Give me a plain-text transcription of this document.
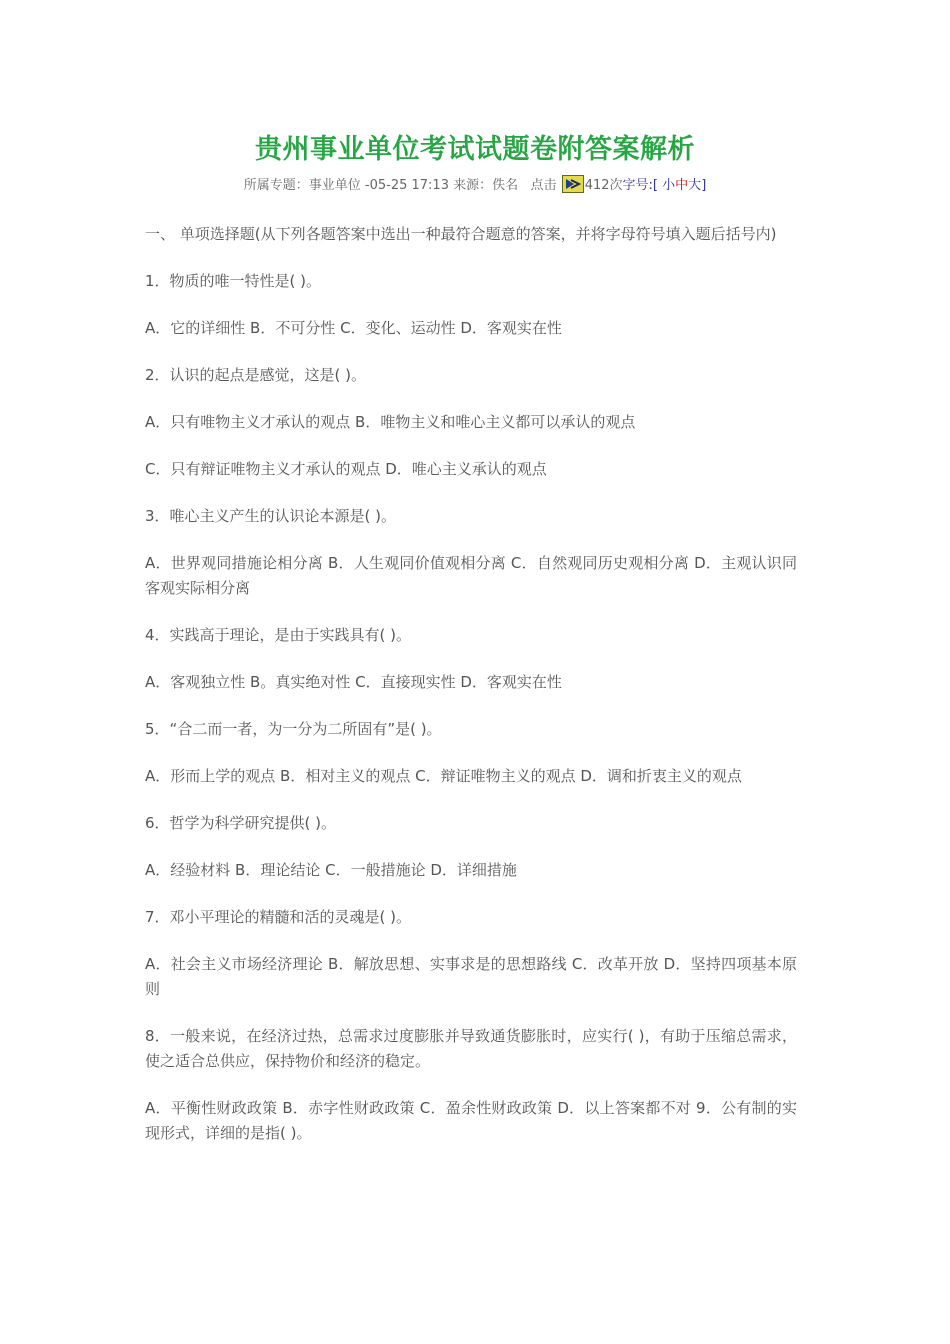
贵州事业单位考试试题卷附答案解析
所属专题：事业单位 -05-25 17:13 来源：佚名 点击 412次字号:[ 小中大]

一、 单项选择题(从下列各题答案中选出一种最符合题意的答案，并将字母符号填入题后括号内)

1．物质的唯一特性是( )。

A．它的详细性 B．不可分性 C．变化、运动性 D．客观实在性

2．认识的起点是感觉，这是( )。

A．只有唯物主义才承认的观点 B．唯物主义和唯心主义都可以承认的观点

C．只有辩证唯物主义才承认的观点 D．唯心主义承认的观点

3．唯心主义产生的认识论本源是( )。

A．世界观同措施论相分离 B．人生观同价值观相分离 C．自然观同历史观相分离 D．主观认识同客观实际相分离

4．实践高于理论，是由于实践具有( )。

A．客观独立性 B。真实绝对性 C．直接现实性 D．客观实在性

5．“合二而一者，为一分为二所固有”是( )。

A．形而上学的观点 B．相对主义的观点 C．辩证唯物主义的观点 D．调和折衷主义的观点

6．哲学为科学研究提供( )。

A．经验材料 B．理论结论 C．一般措施论 D．详细措施

7．邓小平理论的精髓和活的灵魂是( )。

A．社会主义市场经济理论 B．解放思想、实事求是的思想路线 C．改革开放 D．坚持四项基本原则

8．一般来说，在经济过热，总需求过度膨胀并导致通货膨胀时，应实行( )，有助于压缩总需求，使之适合总供应，保持物价和经济的稳定。

A．平衡性财政政策 B．赤字性财政政策 C．盈余性财政政策 D．以上答案都不对 9．公有制的实现形式，详细的是指( )。
